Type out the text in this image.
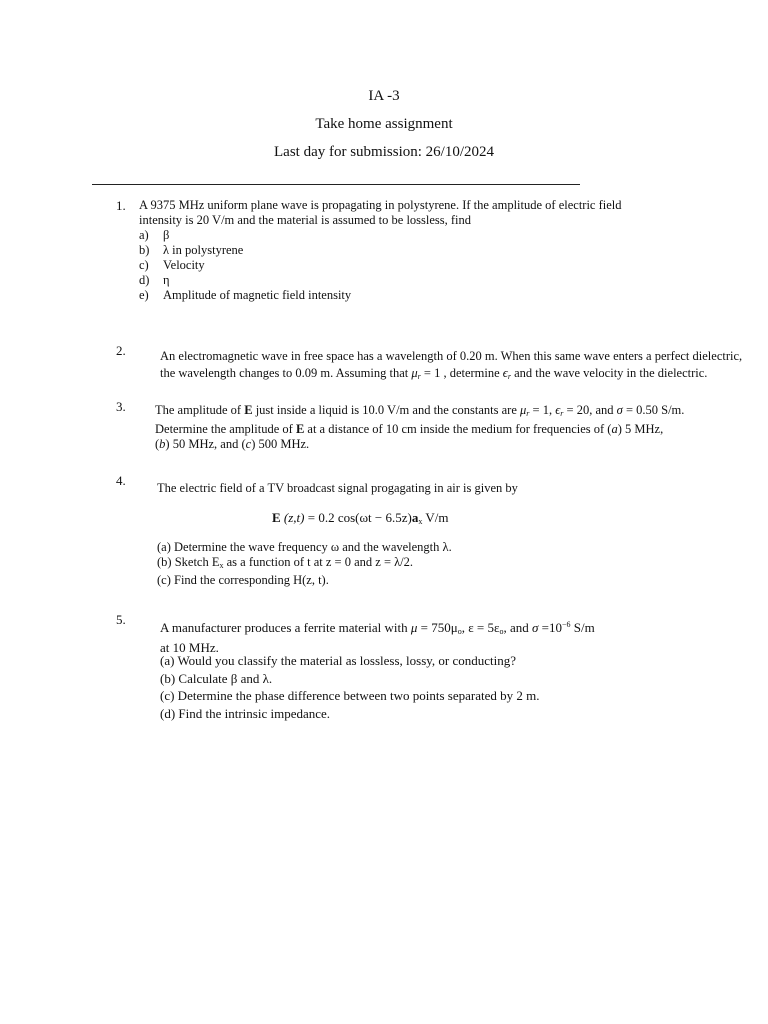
IA -3
Take home assignment
Last day for submission: 26/10/2024
1. A 9375 MHz uniform plane wave is propagating in polystyrene. If the amplitude of electric field
intensity is 20 V/m and the material is assumed to be lossless, find
a)	β
b)	λ in polystyrene
c)	Velocity
d)	η
e)	Amplitude of magnetic field intensity
2.	An electromagnetic wave in free space has a wavelength of 0.20 m. When this same wave enters a perfect dielectric,
the wavelength changes to 0.09 m. Assuming that $\mu_r = 1$ , determine $\epsilon_r$ and the wave velocity in the dielectric.
3. The amplitude of E just inside a liquid is 10.0 V/m and the constants are $\mu_r = 1$, $\epsilon_r = 20$, and σ = 0.50 S/m.
Determine the amplitude of E at a distance of 10 cm inside the medium for frequencies of (a) 5 MHz,
(b) 50 MHz, and (c) 500 MHz.
4.	The electric field of a TV broadcast signal progagating in air is given by
E (z,t) = 0.2 $\cos(\omega t - 6.5z)a_x$ V/m
(a) Determine the wave frequency ω and the wavelength λ.
(b) Sketch $E_x$ as a function of t at z = 0 and z = λ/2.
(c) Find the corresponding H(z, t).
5.
A manufacturer produces a ferrite material with $\mu = 750\mu_o$, $\varepsilon = 5\varepsilon_o$, and $\sigma =10^{-6}$ S/m
at 10 MHz.
(a) Would you classify the material as lossless, lossy, or conducting?
(b) Calculate β and λ.
(c) Determine the phase difference between two points separated by 2 m.
(d) Find the intrinsic impedance.
